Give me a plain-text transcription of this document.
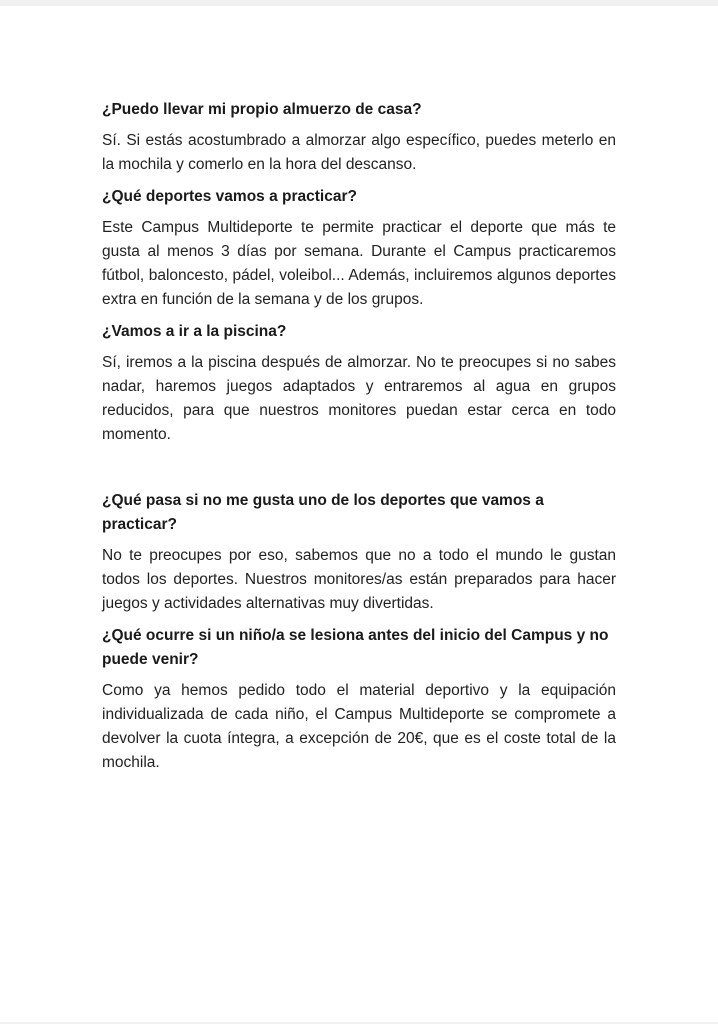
¿Puedo llevar mi propio almuerzo de casa?

Sí. Si estás acostumbrado a almorzar algo específico, puedes meterlo en la mochila y comerlo en la hora del descanso.

¿Qué deportes vamos a practicar?

Este Campus Multideporte te permite practicar el deporte que más te gusta al menos 3 días por semana. Durante el Campus practicaremos fútbol, baloncesto, pádel, voleibol... Además, incluiremos algunos deportes extra en función de la semana y de los grupos.

¿Vamos a ir a la piscina?

Sí, iremos a la piscina después de almorzar. No te preocupes si no sabes nadar, haremos juegos adaptados y entraremos al agua en grupos reducidos, para que nuestros monitores puedan estar cerca en todo momento.

¿Qué pasa si no me gusta uno de los deportes que vamos a practicar?

No te preocupes por eso, sabemos que no a todo el mundo le gustan todos los deportes. Nuestros monitores/as están preparados para hacer juegos y actividades alternativas muy divertidas.

¿Qué ocurre si un niño/a se lesiona antes del inicio del Campus y no puede venir?

Como ya hemos pedido todo el material deportivo y la equipación individualizada de cada niño, el Campus Multideporte se compromete a devolver la cuota íntegra, a excepción de 20€, que es el coste total de la mochila.
